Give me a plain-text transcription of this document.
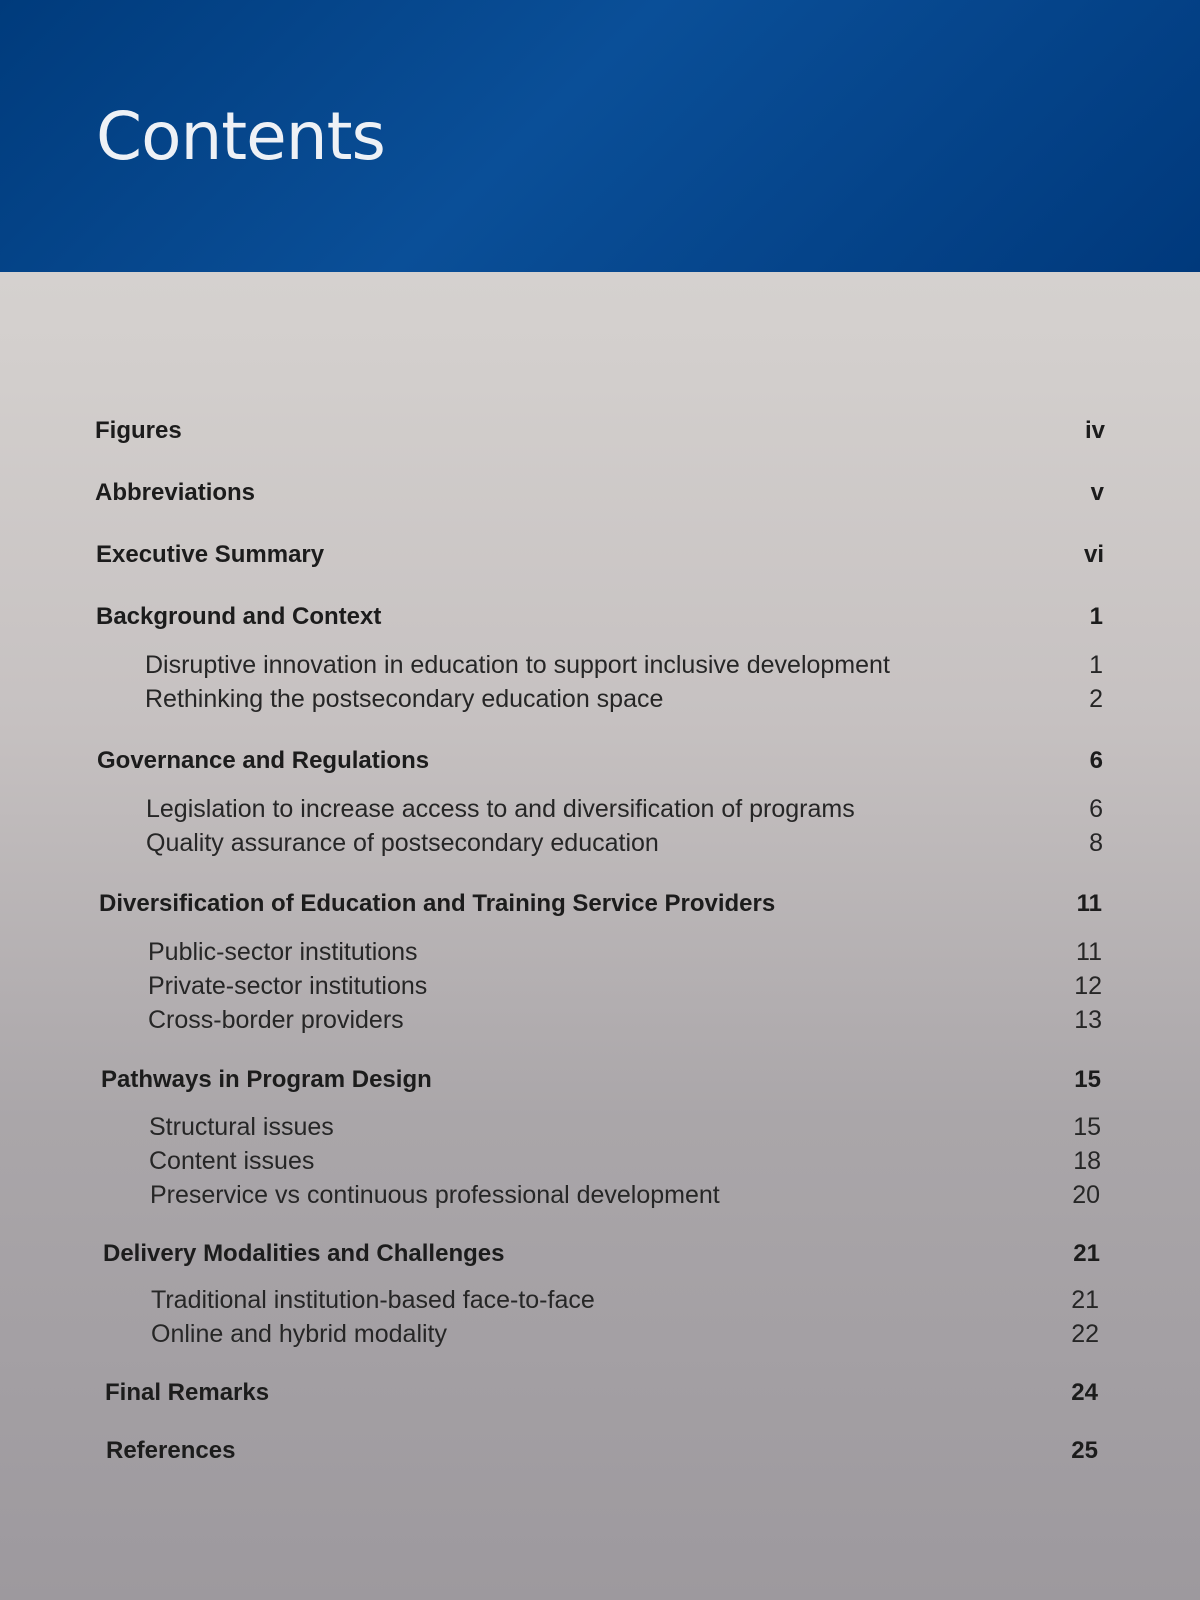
Contents
Figures	iv
Abbreviations	v
Executive Summary	vi
Background and Context	1
Disruptive innovation in education to support inclusive development	1
Rethinking the postsecondary education space	2
Governance and Regulations	6
Legislation to increase access to and diversification of programs	6
Quality assurance of postsecondary education	8
Diversification of Education and Training Service Providers	11
Public-sector institutions	11
Private-sector institutions	12
Cross-border providers	13
Pathways in Program Design	15
Structural issues	15
Content issues	18
Preservice vs continuous professional development	20
Delivery Modalities and Challenges	21
Traditional institution-based face-to-face	21
Online and hybrid modality	22
Final Remarks	24
References	25
